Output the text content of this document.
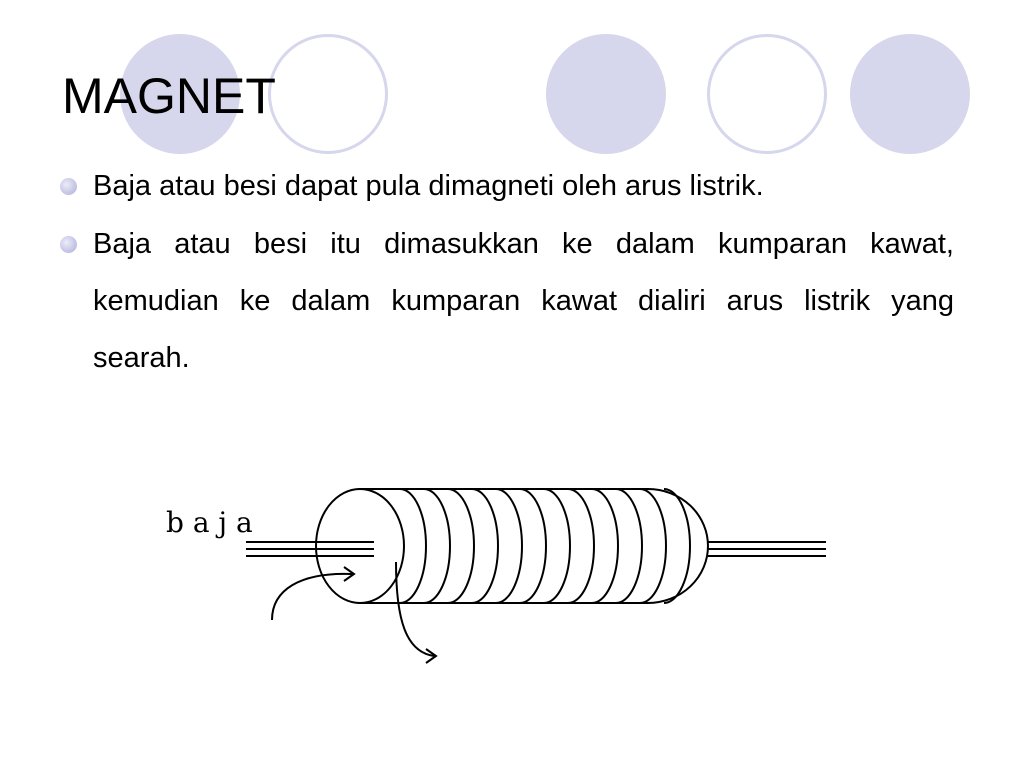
MAGNET
Baja atau besi dapat pula dimagneti oleh arus listrik.
Baja atau besi itu dimasukkan ke dalam kumparan kawat, kemudian ke dalam kumparan kawat dialiri arus listrik yang searah.
b a j a
